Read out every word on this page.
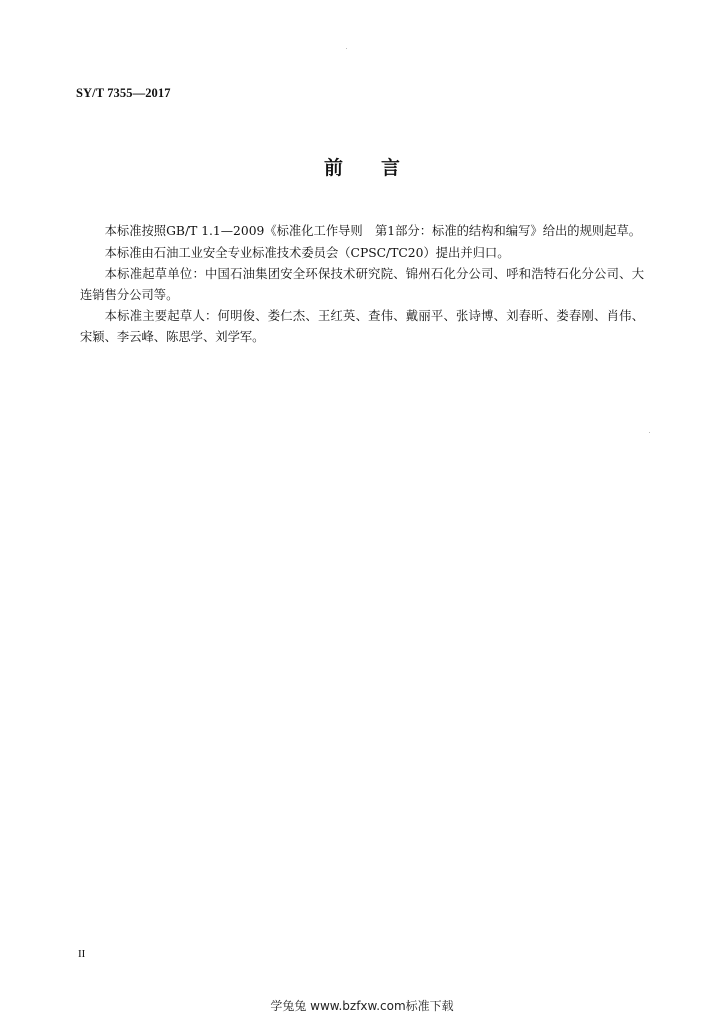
SY/T 7355—2017
前言

本标准按照GB/T 1.1—2009《标准化工作导则　第1部分：标准的结构和编写》给出的规则起草。

本标准由石油工业安全专业标准技术委员会（CPSC/TC20）提出并归口。

本标准起草单位：中国石油集团安全环保技术研究院、锦州石化分公司、呼和浩特石化分公司、大连销售分公司等。

本标准主要起草人：何明俊、娄仁杰、王红英、查伟、戴丽平、张诗博、刘春昕、娄春刚、肖伟、宋颖、李云峰、陈思学、刘学军。

II
学兔兔 www.bzfxw.com标准下载
